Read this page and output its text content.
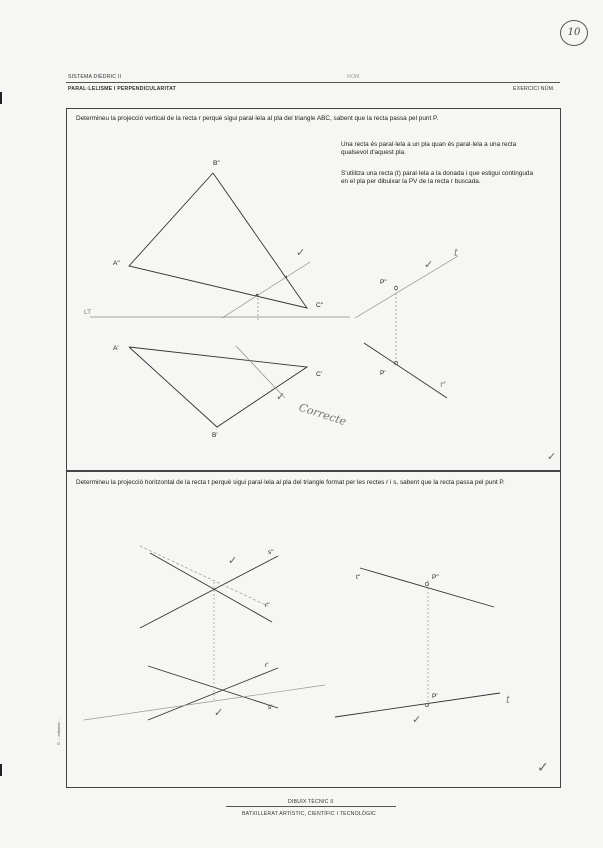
10
SISTEMA DIÈDRIC II	NOM
PARAL·LELISME I PERPENDICULARITAT	EXERCICI NÚM.
Determineu la projecció vertical de la recta r perquè sigui paral·lela al pla del triangle ABC, sabent que la recta passa pel punt P.
Una recta és paral·lela a un pla quan és paral·lela a una recta qualsevol d'aquest pla.
S'utilitza una recta (t) paral·lela a la donada i que estigui continguda en el pla per dibuixar la PV de la recta r buscada.
Determineu la projecció horitzontal de la recta t perquè sigui paral·lela al pla del triangle format per les rectes r i s, sabent que la recta passa pel punt P.
B"
A"
C"
A'
C'
B'
P"
P'
LT
r'
t
Correcte
s"
r"
r'
s'
t"	P"
P'	t
✓
✓
✓
✓
✓
✓
✓
✓
© ... editorial ...
DIBUIX TÈCNIC II
BATXILLERAT ARTÍSTIC, CIENTÍFIC I TECNOLÒGIC
